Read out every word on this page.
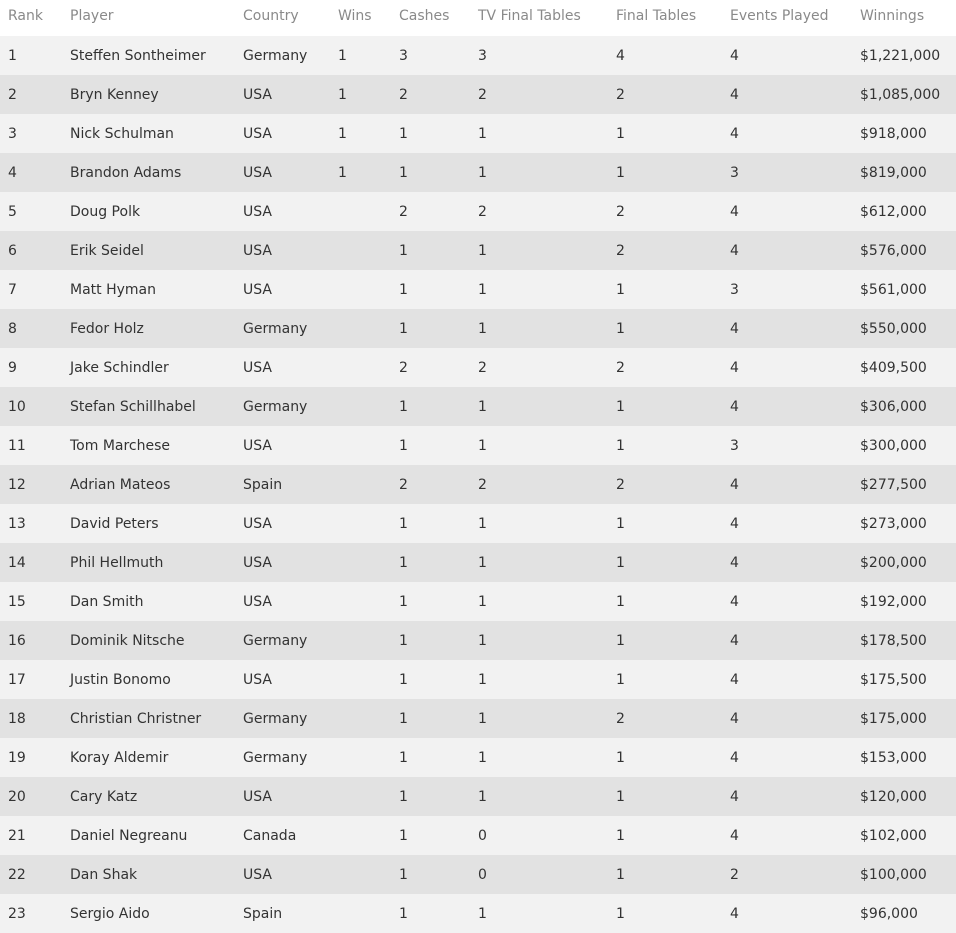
Rank	Player	Country	Wins	Cashes	TV Final Tables	Final Tables	Events Played	Winnings
1	Steffen Sontheimer	Germany	1	3	3	4	4	$1,221,000
2	Bryn Kenney	USA	1	2	2	2	4	$1,085,000
3	Nick Schulman	USA	1	1	1	1	4	$918,000
4	Brandon Adams	USA	1	1	1	1	3	$819,000
5	Doug Polk	USA		2	2	2	4	$612,000
6	Erik Seidel	USA		1	1	2	4	$576,000
7	Matt Hyman	USA		1	1	1	3	$561,000
8	Fedor Holz	Germany		1	1	1	4	$550,000
9	Jake Schindler	USA		2	2	2	4	$409,500
10	Stefan Schillhabel	Germany		1	1	1	4	$306,000
11	Tom Marchese	USA		1	1	1	3	$300,000
12	Adrian Mateos	Spain		2	2	2	4	$277,500
13	David Peters	USA		1	1	1	4	$273,000
14	Phil Hellmuth	USA		1	1	1	4	$200,000
15	Dan Smith	USA		1	1	1	4	$192,000
16	Dominik Nitsche	Germany		1	1	1	4	$178,500
17	Justin Bonomo	USA		1	1	1	4	$175,500
18	Christian Christner	Germany		1	1	2	4	$175,000
19	Koray Aldemir	Germany		1	1	1	4	$153,000
20	Cary Katz	USA		1	1	1	4	$120,000
21	Daniel Negreanu	Canada		1	0	1	4	$102,000
22	Dan Shak	USA		1	0	1	2	$100,000
23	Sergio Aido	Spain		1	1	1	4	$96,000
